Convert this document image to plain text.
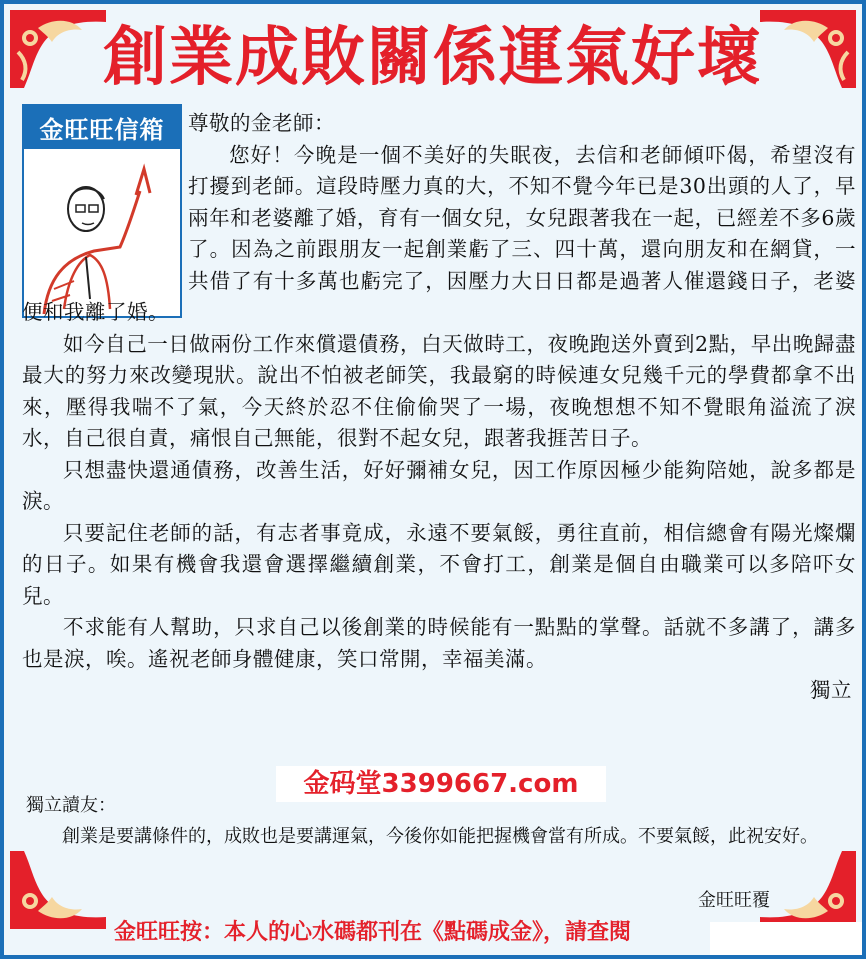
創業成敗關係運氣好壞
金旺旺信箱	尊敬的金老師：

您好！今晚是一個不美好的失眠夜，去信和老師傾吓偈，希望沒有打擾到老師。這段時壓力真的大，不知不覺今年已是30出頭的人了，早兩年和老婆離了婚，育有一個女兒，女兒跟著我在一起，已經差不多6歲了。因為之前跟朋友一起創業虧了三、四十萬，還向朋友和在網貸，一共借了有十多萬也虧完了，因壓力大日日都是過著人催還錢日子，老婆便和我離了婚。

如今自己一日做兩份工作來償還債務，白天做時工，夜晚跑送外賣到2點，早出晚歸盡最大的努力來改變現狀。說出不怕被老師笑，我最窮的時候連女兒幾千元的學費都拿不出來，壓得我喘不了氣，今天終於忍不住偷偷哭了一場，夜晚想想不知不覺眼角溢流了淚水，自己很自責，痛恨自己無能，很對不起女兒，跟著我捱苦日子。

只想盡快還通債務，改善生活，好好彌補女兒，因工作原因極少能夠陪她，說多都是淚。

只要記住老師的話，有志者事竟成，永遠不要氣餒，勇往直前，相信總會有陽光燦爛的日子。如果有機會我還會選擇繼續創業，不會打工，創業是個自由職業可以多陪吓女兒。

不求能有人幫助，只求自己以後創業的時候能有一點點的掌聲。話就不多講了，講多也是淚，唉。遙祝老師身體健康，笑口常開，幸福美滿。

獨立

獨立讀友：

創業是要講條件的，成敗也是要講運氣，今後你如能把握機會當有所成。不要氣餒，此祝安好。

金码堂3399667.com
金旺旺覆
金旺旺按：本人的心水碼都刊在《點碼成金》，請查閱
